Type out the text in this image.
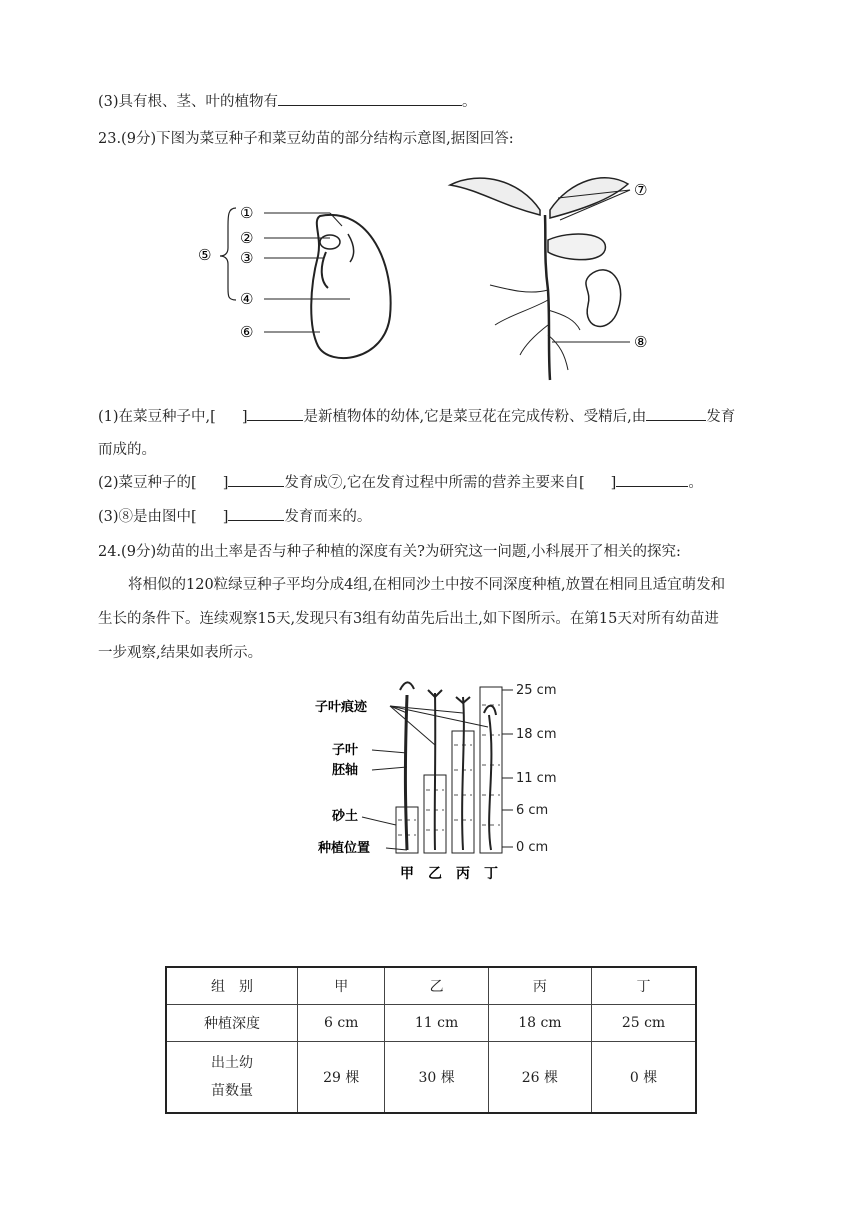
(3)具有根、茎、叶的植物有	。
23.(9分)下图为菜豆种子和菜豆幼苗的部分结构示意图,据图回答:
①
②
③
④
⑤
⑥
⑦
⑧
(1)在菜豆种子中,[ ]	是新植物体的幼体,它是菜豆花在完成传粉、受精后,由	发育
而成的。
(2)菜豆种子的[ ]	发育成⑦,它在发育过程中所需的营养主要来自[ ]	。
(3)⑧是由图中[ ]	发育而来的。
24.(9分)幼苗的出土率是否与种子种植的深度有关?为研究这一问题,小科展开了相关的探究:
将相似的120粒绿豆种子平均分成4组,在相同沙土中按不同深度种植,放置在相同且适宜萌发和
生长的条件下。连续观察15天,发现只有3组有幼苗先后出土,如下图所示。在第15天对所有幼苗进
一步观察,结果如表所示。
子叶痕迹
子叶
胚轴
砂土
种植位置
25 cm
18 cm
11 cm
6 cm
0 cm
甲 乙 丙 丁
组　别	甲	乙	丙	丁
种植深度	6 cm	11 cm	18 cm	25 cm
出土幼
苗数量	29 棵	30 棵	26 棵	0 棵
